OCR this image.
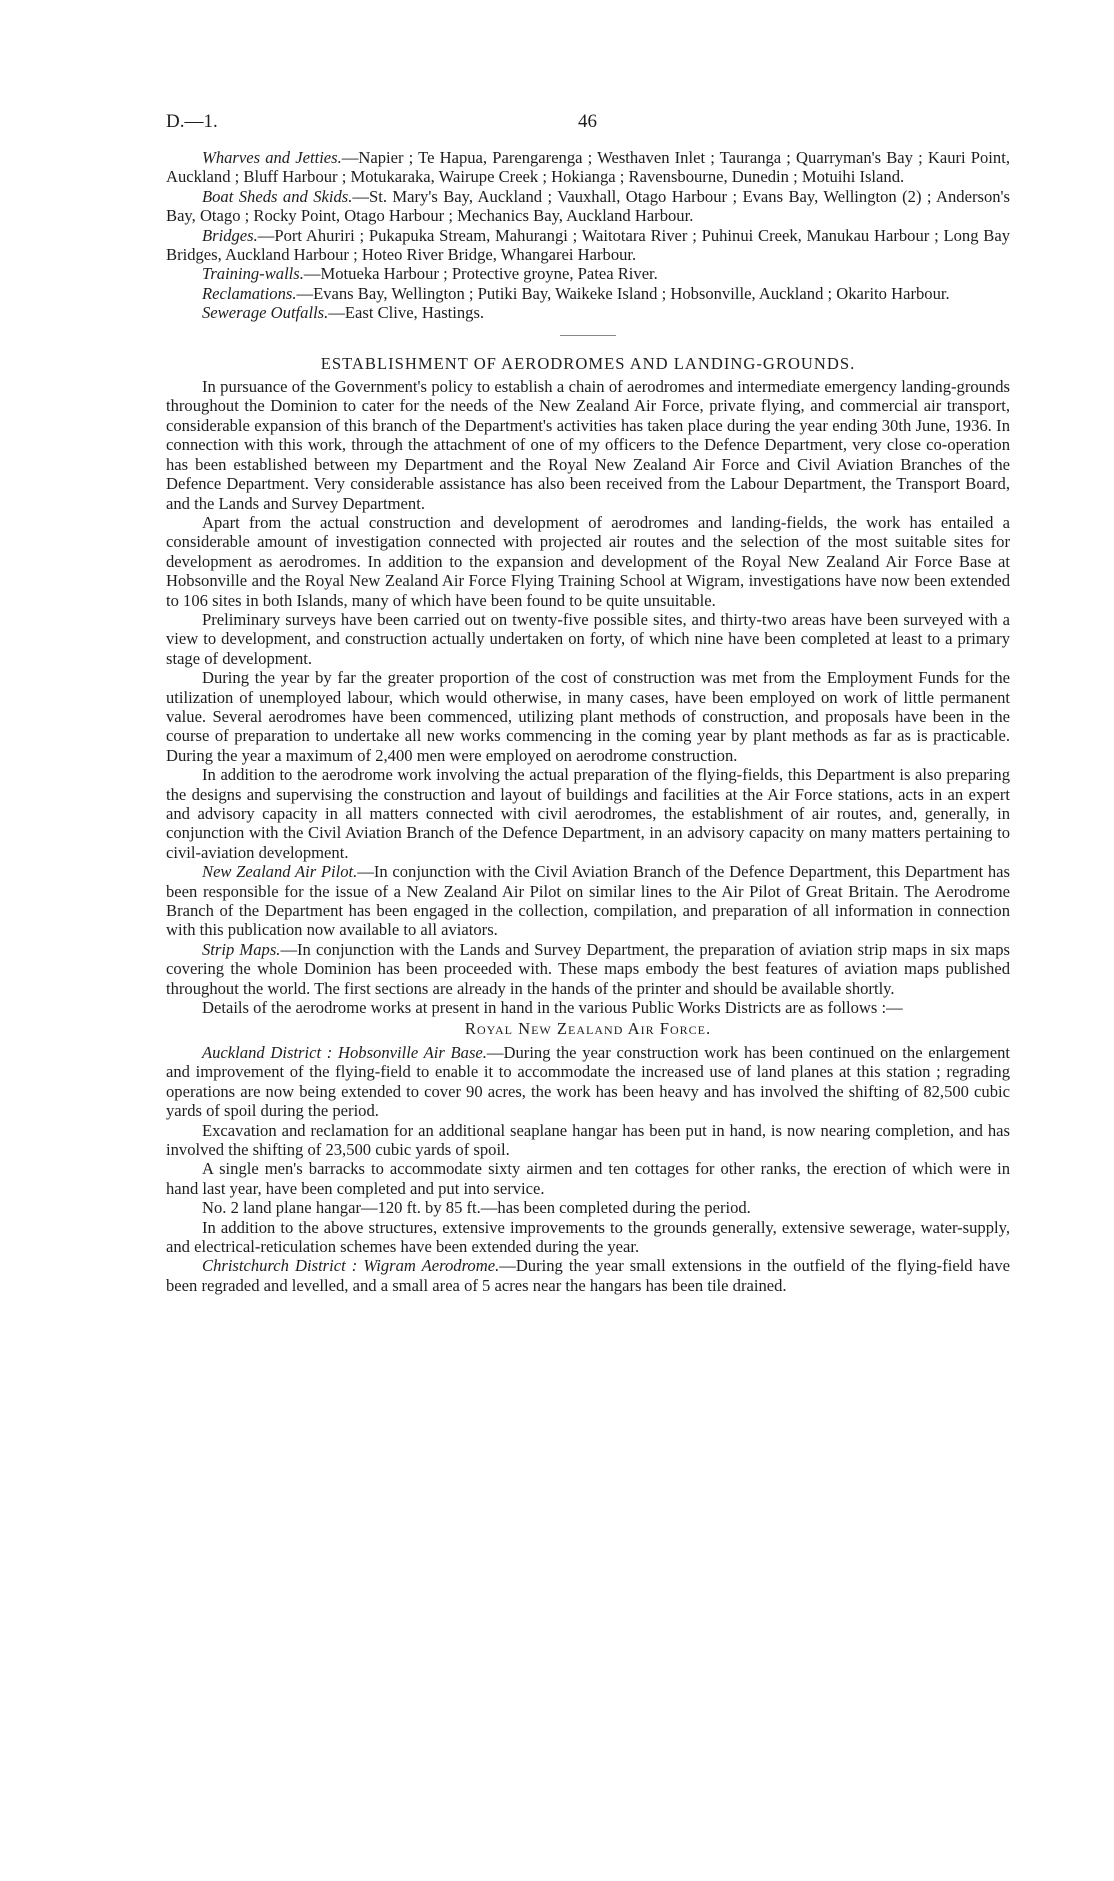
D.—1.	46

Wharves and Jetties.—Napier ; Te Hapua, Parengarenga ; Westhaven Inlet ; Tauranga ; Quarryman's Bay ; Kauri Point, Auckland ; Bluff Harbour ; Motukaraka, Wairupe Creek ; Hokianga ; Ravensbourne, Dunedin ; Motuihi Island.

Boat Sheds and Skids.—St. Mary's Bay, Auckland ; Vauxhall, Otago Harbour ; Evans Bay, Wellington (2) ; Anderson's Bay, Otago ; Rocky Point, Otago Harbour ; Mechanics Bay, Auckland Harbour.

Bridges.—Port Ahuriri ; Pukapuka Stream, Mahurangi ; Waitotara River ; Puhinui Creek, Manukau Harbour ; Long Bay Bridges, Auckland Harbour ; Hoteo River Bridge, Whangarei Harbour.

Training-walls.—Motueka Harbour ; Protective groyne, Patea River.

Reclamations.—Evans Bay, Wellington ; Putiki Bay, Waikeke Island ; Hobsonville, Auckland ; Okarito Harbour.

Sewerage Outfalls.—East Clive, Hastings.

ESTABLISHMENT OF AERODROMES AND LANDING-GROUNDS.

In pursuance of the Government's policy to establish a chain of aerodromes and intermediate emergency landing-grounds throughout the Dominion to cater for the needs of the New Zealand Air Force, private flying, and commercial air transport, considerable expansion of this branch of the Department's activities has taken place during the year ending 30th June, 1936. In connection with this work, through the attachment of one of my officers to the Defence Department, very close co-operation has been established between my Department and the Royal New Zealand Air Force and Civil Aviation Branches of the Defence Department. Very considerable assistance has also been received from the Labour Department, the Transport Board, and the Lands and Survey Department.

Apart from the actual construction and development of aerodromes and landing-fields, the work has entailed a considerable amount of investigation connected with projected air routes and the selection of the most suitable sites for development as aerodromes. In addition to the expansion and development of the Royal New Zealand Air Force Base at Hobsonville and the Royal New Zealand Air Force Flying Training School at Wigram, investigations have now been extended to 106 sites in both Islands, many of which have been found to be quite unsuitable.

Preliminary surveys have been carried out on twenty-five possible sites, and thirty-two areas have been surveyed with a view to development, and construction actually undertaken on forty, of which nine have been completed at least to a primary stage of development.

During the year by far the greater proportion of the cost of construction was met from the Employment Funds for the utilization of unemployed labour, which would otherwise, in many cases, have been employed on work of little permanent value. Several aerodromes have been commenced, utilizing plant methods of construction, and proposals have been in the course of preparation to undertake all new works commencing in the coming year by plant methods as far as is practicable. During the year a maximum of 2,400 men were employed on aerodrome construction.

In addition to the aerodrome work involving the actual preparation of the flying-fields, this Department is also preparing the designs and supervising the construction and layout of buildings and facilities at the Air Force stations, acts in an expert and advisory capacity in all matters connected with civil aerodromes, the establishment of air routes, and, generally, in conjunction with the Civil Aviation Branch of the Defence Department, in an advisory capacity on many matters pertaining to civil-aviation development.

New Zealand Air Pilot.—In conjunction with the Civil Aviation Branch of the Defence Department, this Department has been responsible for the issue of a New Zealand Air Pilot on similar lines to the Air Pilot of Great Britain. The Aerodrome Branch of the Department has been engaged in the collection, compilation, and preparation of all information in connection with this publication now available to all aviators.

Strip Maps.—In conjunction with the Lands and Survey Department, the preparation of aviation strip maps in six maps covering the whole Dominion has been proceeded with. These maps embody the best features of aviation maps published throughout the world. The first sections are already in the hands of the printer and should be available shortly.

Details of the aerodrome works at present in hand in the various Public Works Districts are as follows :—

Royal New Zealand Air Force.

Auckland District : Hobsonville Air Base.—During the year construction work has been continued on the enlargement and improvement of the flying-field to enable it to accommodate the increased use of land planes at this station ; regrading operations are now being extended to cover 90 acres, the work has been heavy and has involved the shifting of 82,500 cubic yards of spoil during the period.

Excavation and reclamation for an additional seaplane hangar has been put in hand, is now nearing completion, and has involved the shifting of 23,500 cubic yards of spoil.

A single men's barracks to accommodate sixty airmen and ten cottages for other ranks, the erection of which were in hand last year, have been completed and put into service.

No. 2 land plane hangar—120 ft. by 85 ft.—has been completed during the period.

In addition to the above structures, extensive improvements to the grounds generally, extensive sewerage, water-supply, and electrical-reticulation schemes have been extended during the year.

Christchurch District : Wigram Aerodrome.—During the year small extensions in the outfield of the flying-field have been regraded and levelled, and a small area of 5 acres near the hangars has been tile drained.
